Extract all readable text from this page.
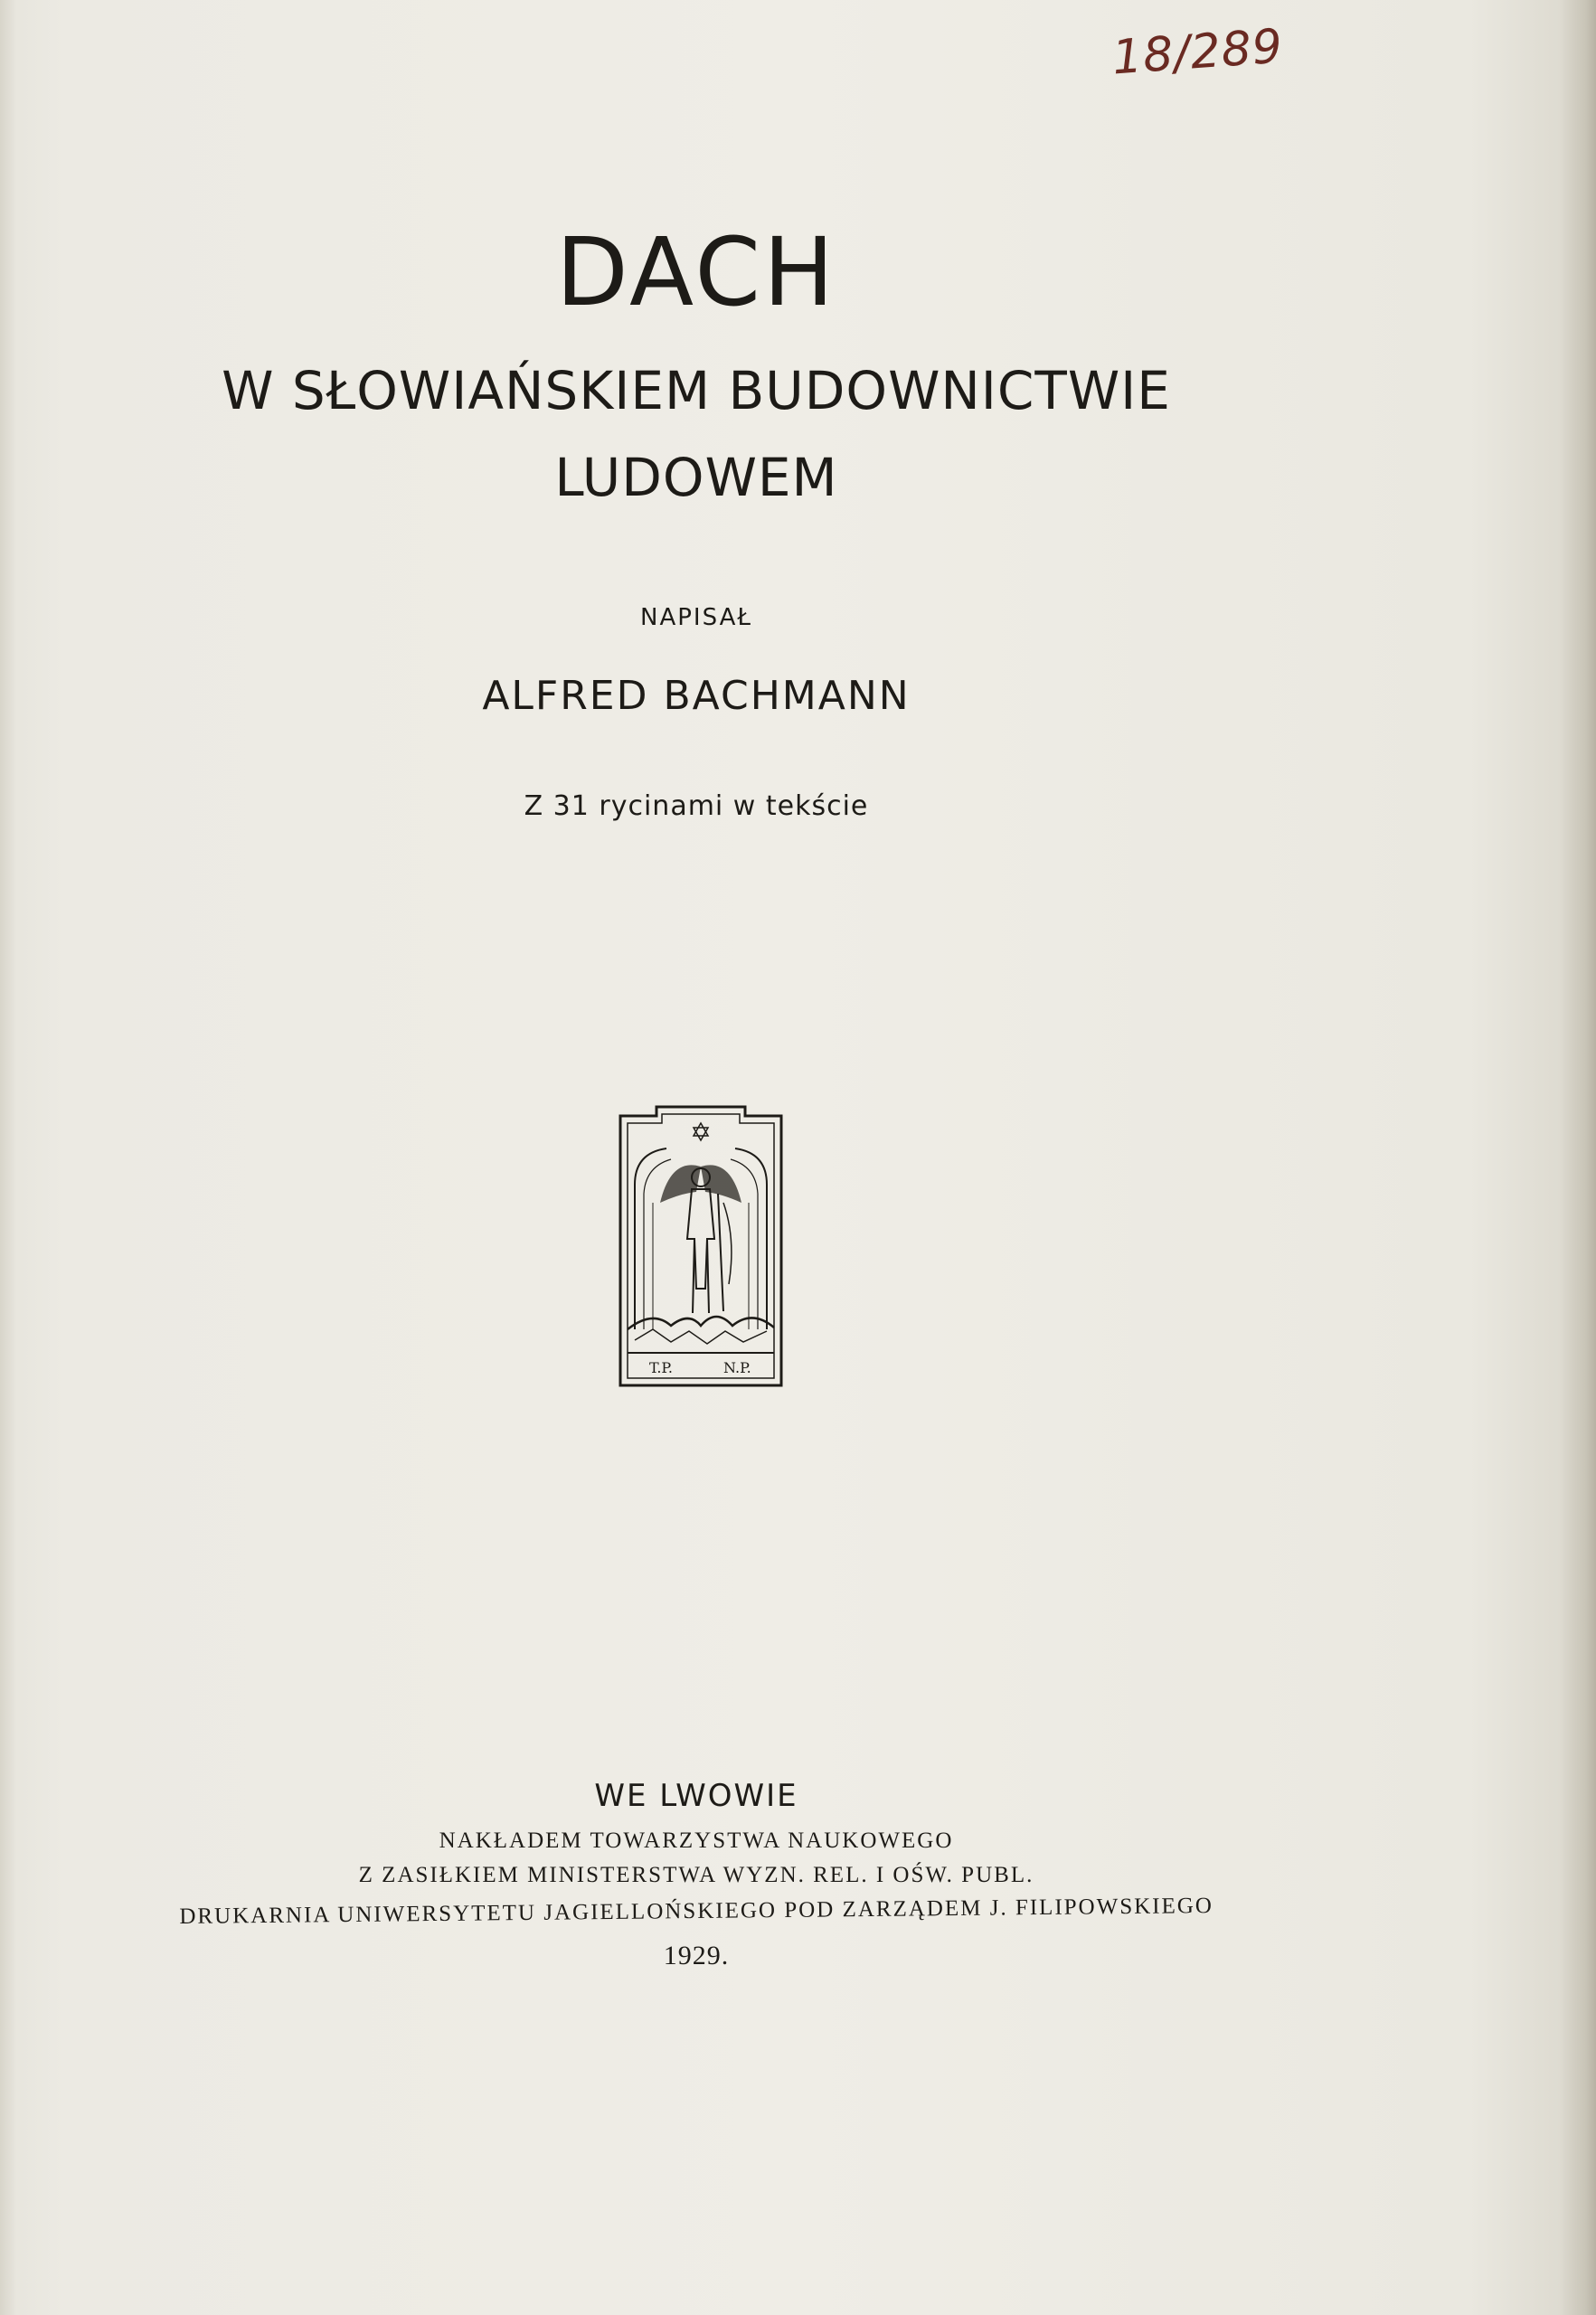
18/289
DACH
W SŁOWIAŃSKIEM BUDOWNICTWIE
LUDOWEM
NAPISAŁ
ALFRED BACHMANN
Z 31 rycinami w tekście
T.P.	N.P.
WE LWOWIE
NAKŁADEM TOWARZYSTWA NAUKOWEGO
Z ZASIŁKIEM MINISTERSTWA WYZN. REL. I OŚW. PUBL.
DRUKARNIA UNIWERSYTETU JAGIELLOŃSKIEGO POD ZARZĄDEM J. FILIPOWSKIEGO
1929.
